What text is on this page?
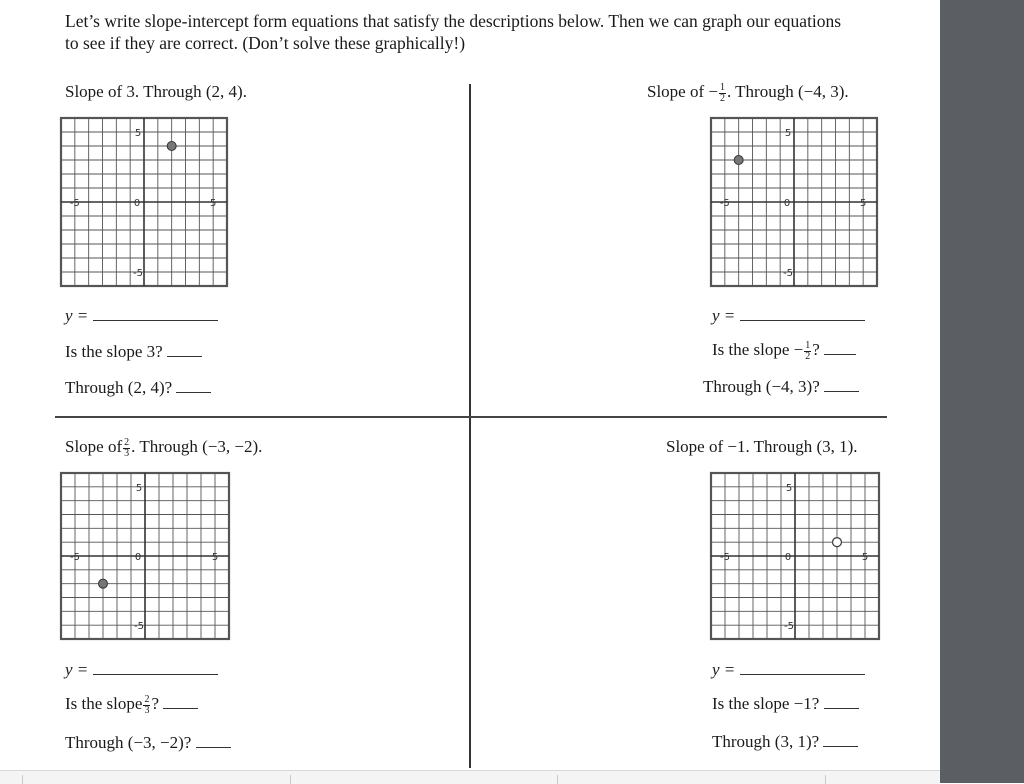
Let’s write slope-intercept form equations that satisfy the descriptions below. Then we can graph our equations
to see if they are correct. (Don’t solve these graphically!)
Slope of 3. Through (2, 4).
-5	0	5
5
-5
y =
Is the slope 3?
Through (2, 4)?
Slope of − $\frac{1}{2}$ . Through (−4, 3).
-5	0	5
5
-5
y =
Is the slope − $\frac{1}{2}$ ?
Through (−4, 3)?
Slope of $\frac{2}{3}$ . Through (−3, −2).
-5	0	5
5
-5
y =
Is the slope $\frac{2}{3}$ ?
Through (−3, −2)?
Slope of −1. Through (3, 1).
-5	0	5
5
-5
y =
Is the slope −1?
Through (3, 1)?
